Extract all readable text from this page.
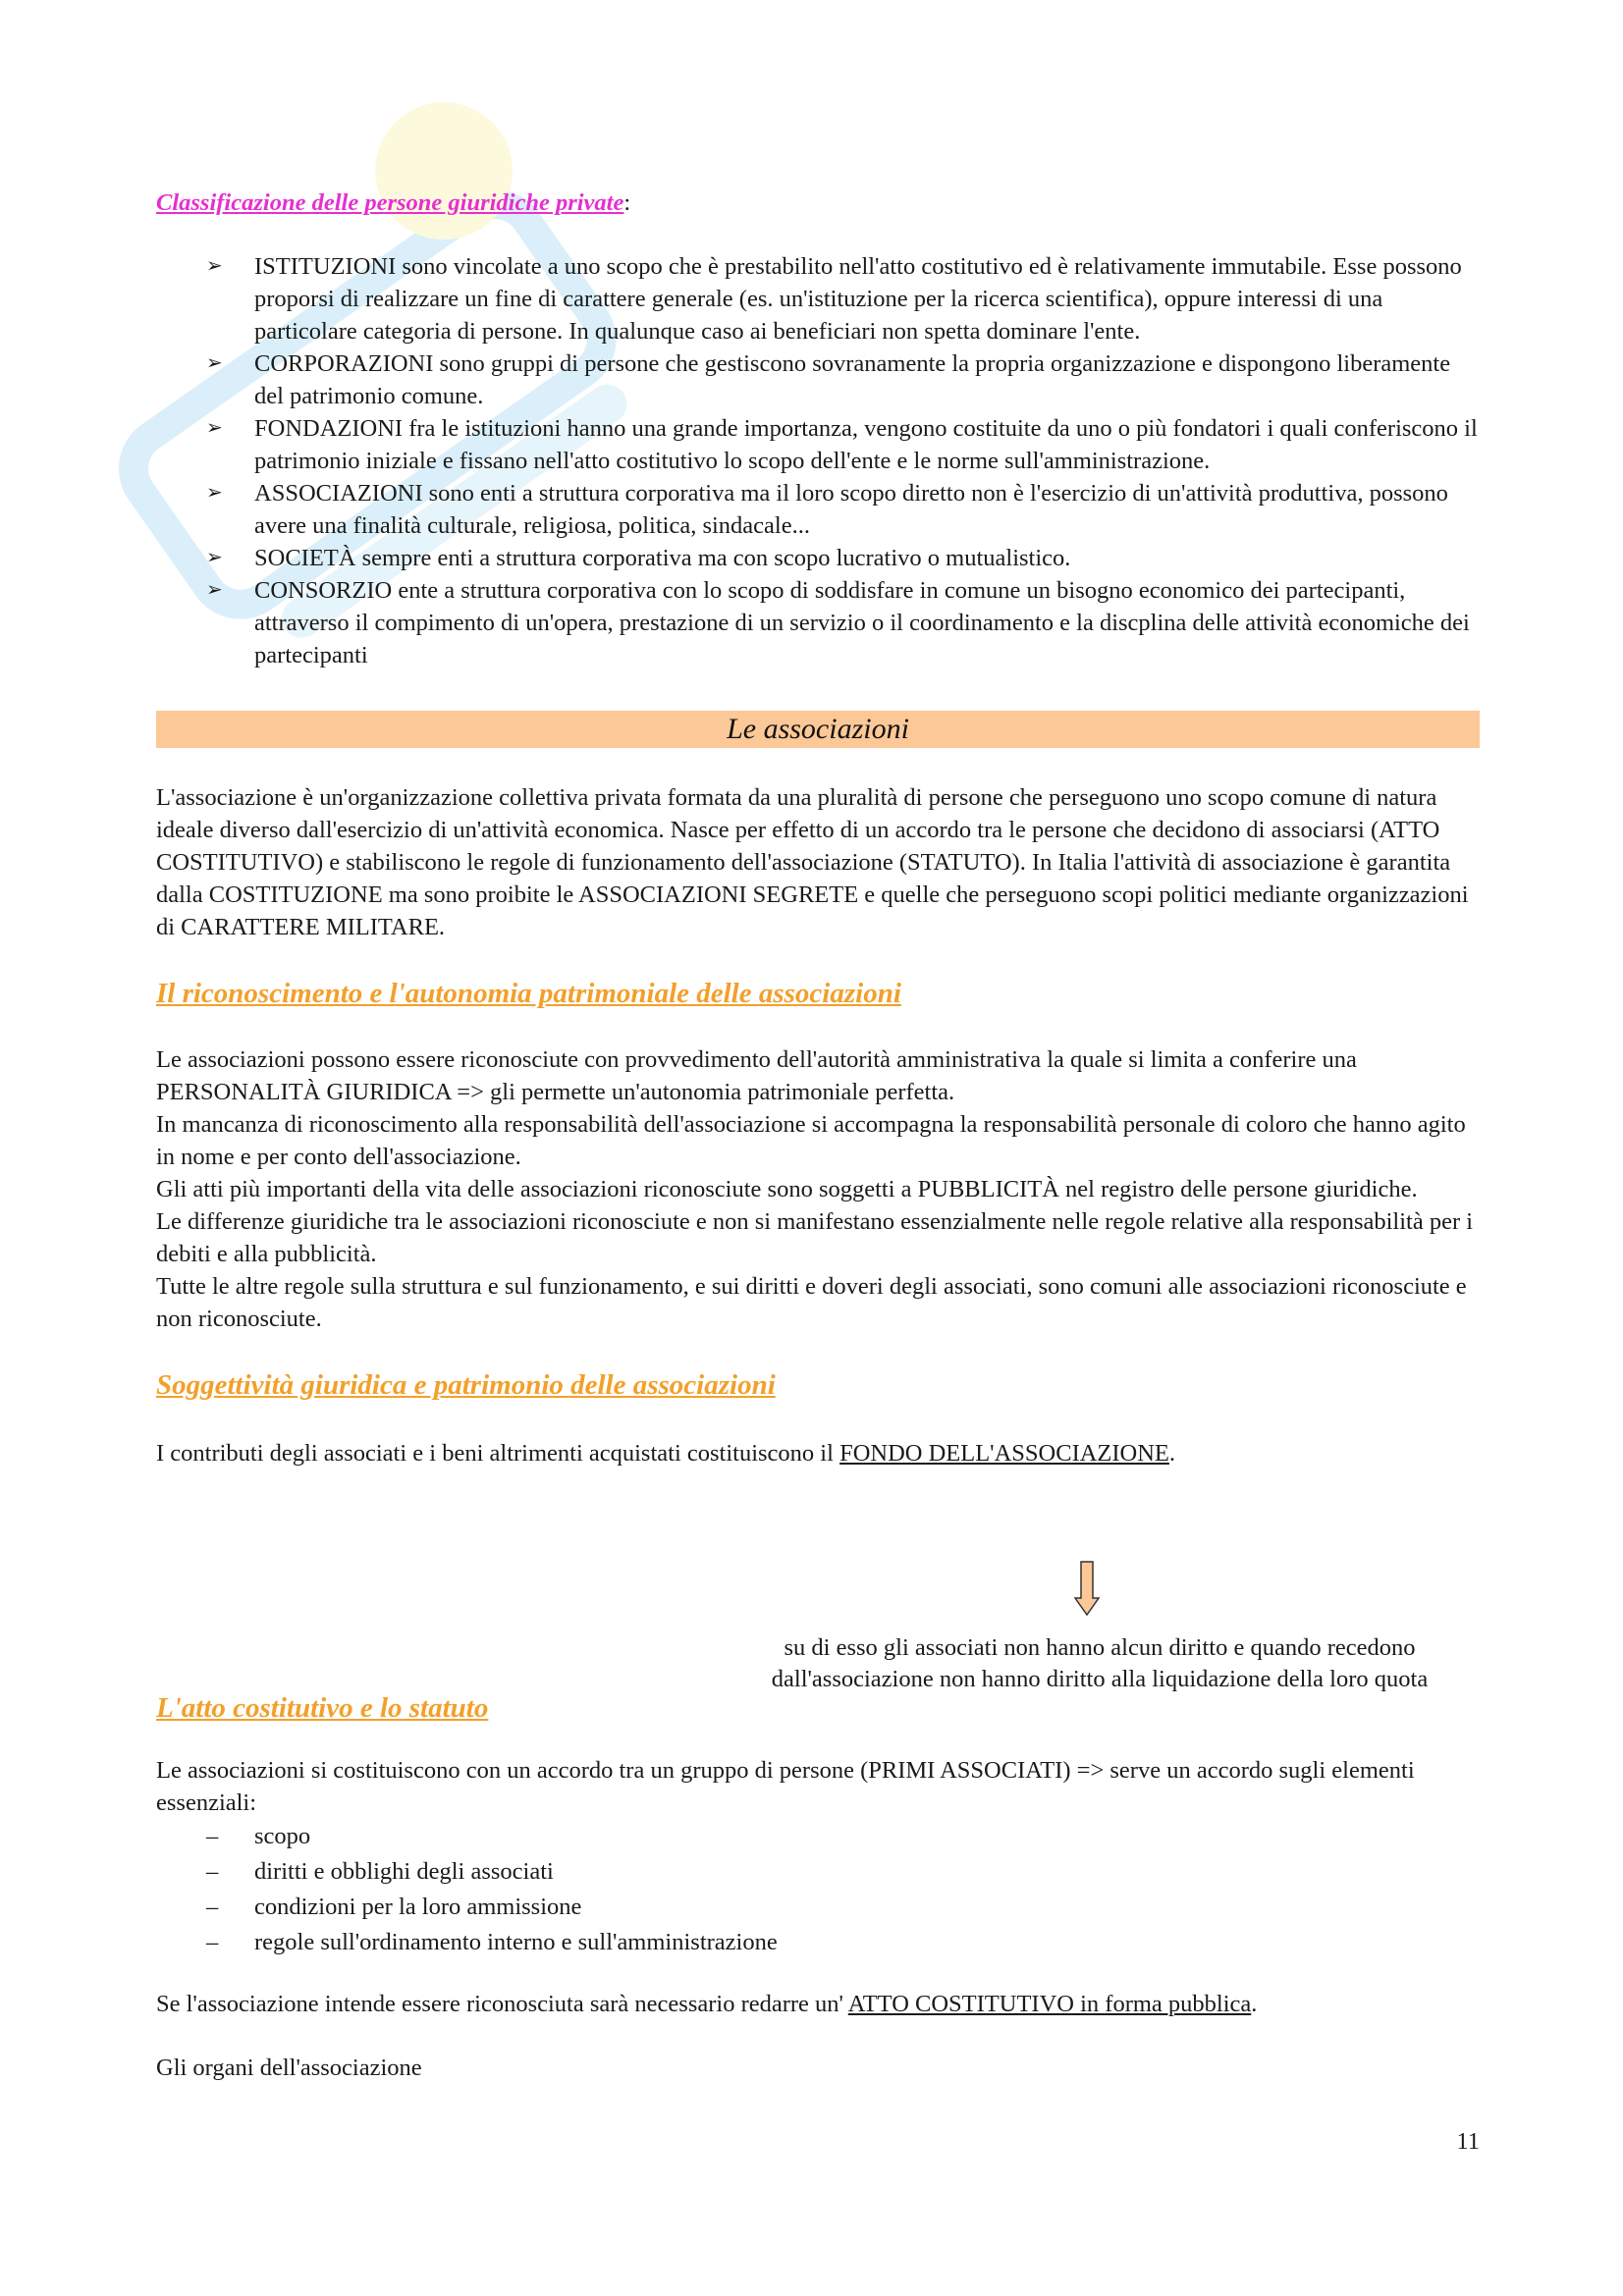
Classificazione delle persone giuridiche private:

➢ ISTITUZIONI sono vincolate a uno scopo che è prestabilito nell'atto costitutivo ed è relativamente immutabile. Esse possono proporsi di realizzare un fine di carattere generale (es. un'istituzione per la ricerca scientifica), oppure interessi di una particolare categoria di persone. In qualunque caso ai beneficiari non spetta dominare l'ente.
➢ CORPORAZIONI sono gruppi di persone che gestiscono sovranamente la propria organizzazione e dispongono liberamente del patrimonio comune.
➢ FONDAZIONI fra le istituzioni hanno una grande importanza, vengono costituite da uno o più fondatori i quali conferiscono il patrimonio iniziale e fissano nell'atto costitutivo lo scopo dell'ente e le norme sull'amministrazione.
➢ ASSOCIAZIONI sono enti a struttura corporativa ma il loro scopo diretto non è l'esercizio di un'attività produttiva, possono avere una finalità culturale, religiosa, politica, sindacale...
➢ SOCIETÀ sempre enti a struttura corporativa ma con scopo lucrativo o mutualistico.
➢ CONSORZIO ente a struttura corporativa con lo scopo di soddisfare in comune un bisogno economico dei partecipanti, attraverso il compimento di un'opera, prestazione di un servizio o il coordinamento e la discplina delle attività economiche dei partecipanti
Le associazioni

L'associazione è un'organizzazione collettiva privata formata da una pluralità di persone che perseguono uno scopo comune di natura ideale diverso dall'esercizio di un'attività economica. Nasce per effetto di un accordo tra le persone che decidono di associarsi (ATTO COSTITUTIVO) e stabiliscono le regole di funzionamento dell'associazione (STATUTO). In Italia l'attività di associazione è garantita dalla COSTITUZIONE ma sono proibite le ASSOCIAZIONI SEGRETE e quelle che perseguono scopi politici mediante organizzazioni di CARATTERE MILITARE.

Il riconoscimento e l'autonomia patrimoniale delle associazioni

Le associazioni possono essere riconosciute con provvedimento dell'autorità amministrativa la quale si limita a conferire una PERSONALITÀ GIURIDICA => gli permette un'autonomia patrimoniale perfetta.

In mancanza di riconoscimento alla responsabilità dell'associazione si accompagna la responsabilità personale di coloro che hanno agito in nome e per conto dell'associazione.

Gli atti più importanti della vita delle associazioni riconosciute sono soggetti a PUBBLICITÀ nel registro delle persone giuridiche.

Le differenze giuridiche tra le associazioni riconosciute e non si manifestano essenzialmente nelle regole relative alla responsabilità per i debiti e alla pubblicità.

Tutte le altre regole sulla struttura e sul funzionamento, e sui diritti e doveri degli associati, sono comuni alle associazioni riconosciute e non riconosciute.

Soggettività giuridica e patrimonio delle associazioni

I contributi degli associati e i beni altrimenti acquistati costituiscono il FONDO DELL'ASSOCIAZIONE.

su di esso gli associati non hanno alcun diritto e quando recedono dall'associazione non hanno diritto alla liquidazione della loro quota

L'atto costitutivo e lo statuto

Le associazioni si costituiscono con un accordo tra un gruppo di persone (PRIMI ASSOCIATI) => serve un accordo sugli elementi essenziali:

– scopo
– diritti e obblighi degli associati
– condizioni per la loro ammissione
– regole sull'ordinamento interno e sull'amministrazione

Se l'associazione intende essere riconosciuta sarà necessario redarre un' ATTO COSTITUTIVO in forma pubblica.

Gli organi dell'associazione

11
